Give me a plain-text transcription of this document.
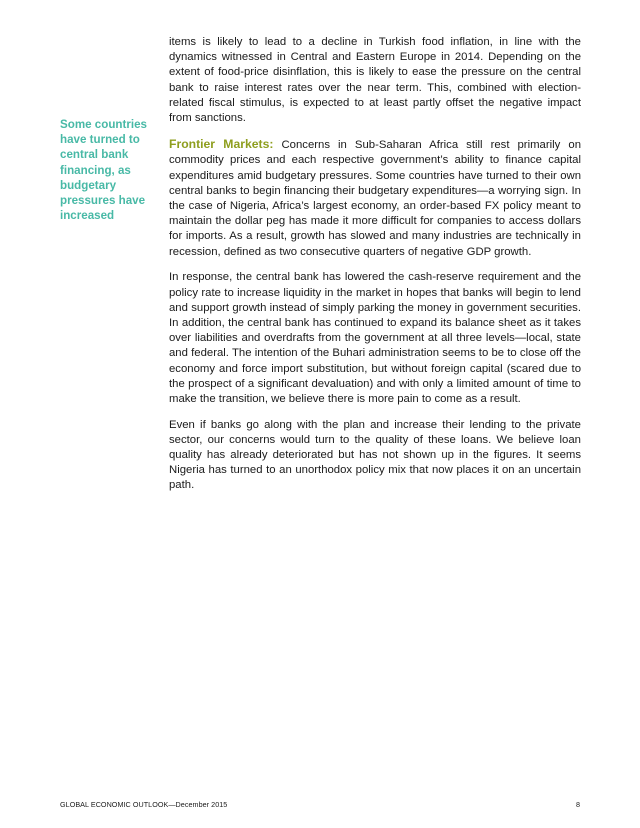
Some countries have turned to central bank financing, as budgetary pressures have increased

items is likely to lead to a decline in Turkish food inflation, in line with the dynamics witnessed in Central and Eastern Europe in 2014. Depending on the extent of food-price disinflation, this is likely to ease the pressure on the central bank to raise interest rates over the near term. This, combined with election-related fiscal stimulus, is expected to at least partly offset the negative impact from sanctions.

Frontier Markets: Concerns in Sub-Saharan Africa still rest primarily on commodity prices and each respective government’s ability to finance capital expenditures amid budgetary pressures. Some countries have turned to their own central banks to begin financing their budgetary expenditures—a worrying sign. In the case of Nigeria, Africa’s largest economy, an order-based FX policy meant to maintain the dollar peg has made it more difficult for companies to access dollars for imports. As a result, growth has slowed and many industries are technically in recession, defined as two consecutive quarters of negative GDP growth.

In response, the central bank has lowered the cash-reserve requirement and the policy rate to increase liquidity in the market in hopes that banks will begin to lend and support growth instead of simply parking the money in government securities. In addition, the central bank has continued to expand its balance sheet as it takes over liabilities and overdrafts from the government at all three levels—local, state and federal. The intention of the Buhari administration seems to be to close off the economy and force import substitution, but without foreign capital (scared due to the prospect of a significant devaluation) and with only a limited amount of time to make the transition, we believe there is more pain to come as a result.

Even if banks go along with the plan and increase their lending to the private sector, our concerns would turn to the quality of these loans. We believe loan quality has already deteriorated but has not shown up in the figures. It seems Nigeria has turned to an unorthodox policy mix that now places it on an uncertain path.

GLOBAL ECONOMIC OUTLOOK—December 2015	8
